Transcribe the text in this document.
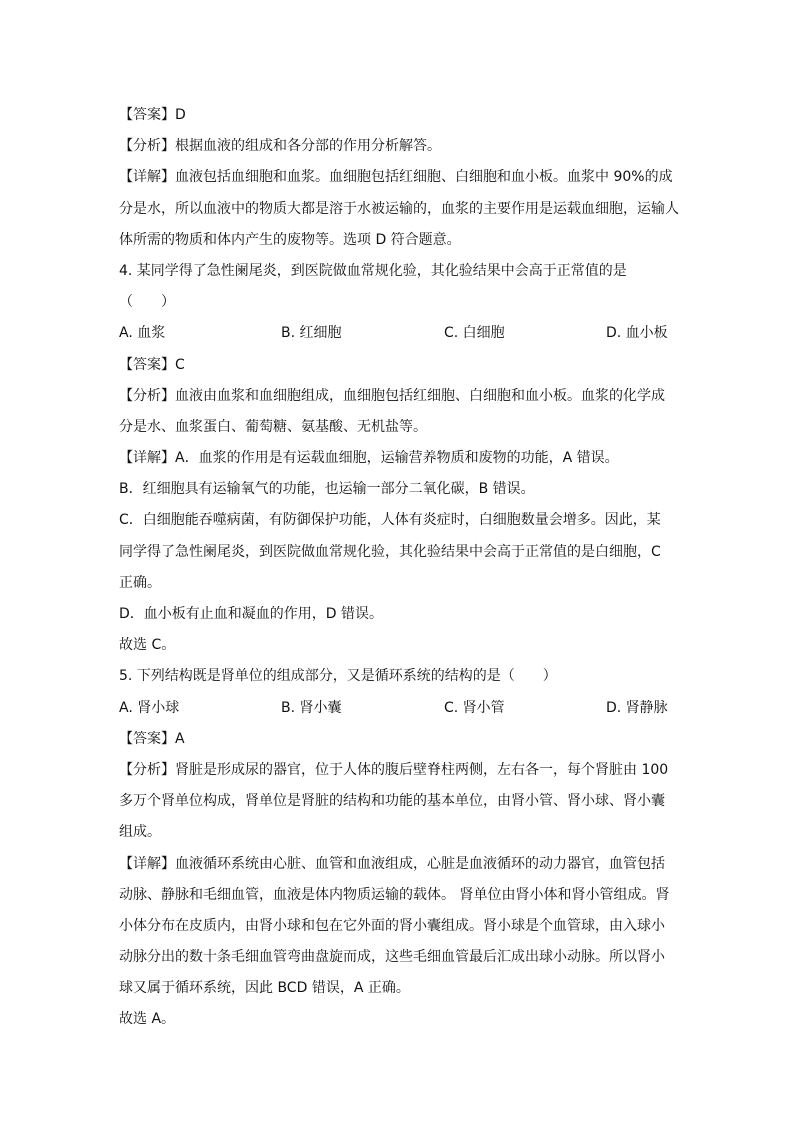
【答案】D
【分析】根据血液的组成和各分部的作用分析解答。
【详解】血液包括血细胞和血浆。血细胞包括红细胞、白细胞和血小板。血浆中 90%的成
分是水，所以血液中的物质大都是溶于水被运输的，血浆的主要作用是运载血细胞，运输人
体所需的物质和体内产生的废物等。选项 D 符合题意。
4. 某同学得了急性阑尾炎，到医院做血常规化验，其化验结果中会高于正常值的是
（　　）
A. 血浆	B. 红细胞	C. 白细胞	D. 血小板
【答案】C
【分析】血液由血浆和血细胞组成，血细胞包括红细胞、白细胞和血小板。血浆的化学成
分是水、血浆蛋白、葡萄糖、氨基酸、无机盐等。
【详解】A．血浆的作用是有运载血细胞，运输营养物质和废物的功能，A 错误。
B．红细胞具有运输氧气的功能，也运输一部分二氧化碳，B 错误。
C．白细胞能吞噬病菌，有防御保护功能，人体有炎症时，白细胞数量会增多。因此，某
同学得了急性阑尾炎，到医院做血常规化验，其化验结果中会高于正常值的是白细胞，C
正确。
D．血小板有止血和凝血的作用，D 错误。
故选 C。
5. 下列结构既是肾单位的组成部分，又是循环系统的结构的是（　　）
A. 肾小球	B. 肾小囊	C. 肾小管	D. 肾静脉
【答案】A
【分析】肾脏是形成尿的器官，位于人体的腹后壁脊柱两侧，左右各一，每个肾脏由 100
多万个肾单位构成，肾单位是肾脏的结构和功能的基本单位，由肾小管、肾小球、肾小囊
组成。
【详解】血液循环系统由心脏、血管和血液组成，心脏是血液循环的动力器官，血管包括
动脉、静脉和毛细血管，血液是体内物质运输的载体。 肾单位由肾小体和肾小管组成。肾
小体分布在皮质内，由肾小球和包在它外面的肾小囊组成。肾小球是个血管球，由入球小
动脉分出的数十条毛细血管弯曲盘旋而成，这些毛细血管最后汇成出球小动脉。所以肾小
球又属于循环系统，因此 BCD 错误，A 正确。
故选 A。
